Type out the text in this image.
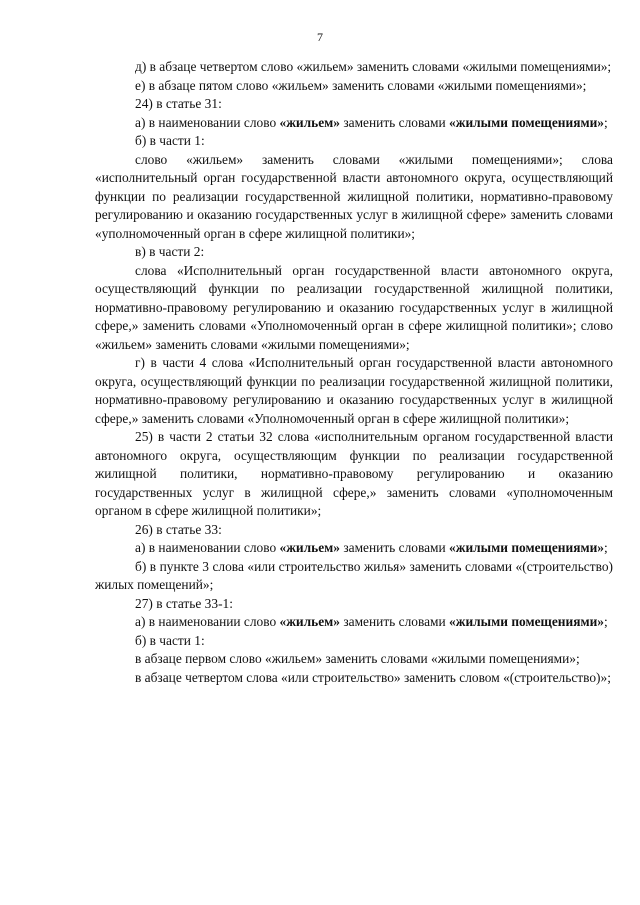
7

д) в абзаце четвертом слово «жильем» заменить словами «жилыми помещениями»;

е) в абзаце пятом слово «жильем» заменить словами «жилыми помещениями»;

24) в статье 31:

а) в наименовании слово «жильем» заменить словами «жилыми помещениями»;

б) в части 1:

слово «жильем» заменить словами «жилыми помещениями»; слова «исполнительный орган государственной власти автономного округа, осуществляющий функции по реализации государственной жилищной политики, нормативно-правовому регулированию и оказанию государственных услуг в жилищной сфере» заменить словами «уполномоченный орган в сфере жилищной политики»;

в) в части 2:

слова «Исполнительный орган государственной власти автономного округа, осуществляющий функции по реализации государственной жилищной политики, нормативно-правовому регулированию и оказанию государственных услуг в жилищной сфере,» заменить словами «Уполномоченный орган в сфере жилищной политики»; слово «жильем» заменить словами «жилыми помещениями»;

г) в части 4 слова «Исполнительный орган государственной власти автономного округа, осуществляющий функции по реализации государственной жилищной политики, нормативно-правовому регулированию и оказанию государственных услуг в жилищной сфере,» заменить словами «Уполномоченный орган в сфере жилищной политики»;

25) в части 2 статьи 32 слова «исполнительным органом государственной власти автономного округа, осуществляющим функции по реализации государственной жилищной политики, нормативно-правовому регулированию и оказанию государственных услуг в жилищной сфере,» заменить словами «уполномоченным органом в сфере жилищной политики»;

26) в статье 33:

а) в наименовании слово «жильем» заменить словами «жилыми помещениями»;

б) в пункте 3 слова «или строительство жилья» заменить словами «(строительство) жилых помещений»;

27) в статье 33-1:

а) в наименовании слово «жильем» заменить словами «жилыми помещениями»;

б) в части 1:

в абзаце первом слово «жильем» заменить словами «жилыми помещениями»;

в абзаце четвертом слова «или строительство» заменить словом «(строительство)»;
